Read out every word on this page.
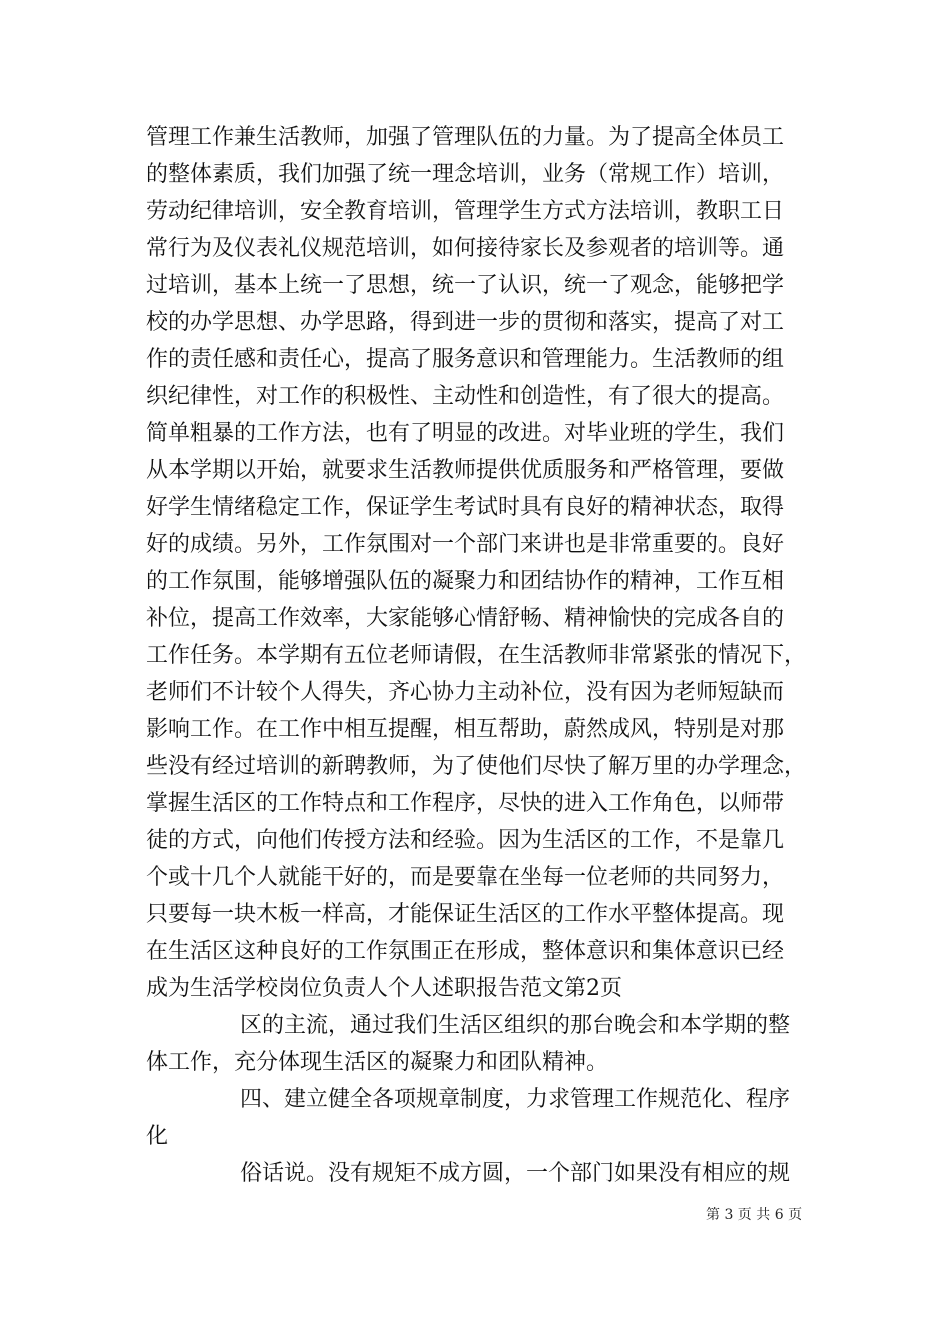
管理工作兼生活教师，加强了管理队伍的力量。为了提高全体员工
的整体素质，我们加强了统一理念培训，业务（常规工作）培训，
劳动纪律培训，安全教育培训，管理学生方式方法培训，教职工日
常行为及仪表礼仪规范培训，如何接待家长及参观者的培训等。通
过培训，基本上统一了思想，统一了认识，统一了观念，能够把学
校的办学思想、办学思路，得到进一步的贯彻和落实，提高了对工
作的责任感和责任心，提高了服务意识和管理能力。生活教师的组
织纪律性，对工作的积极性、主动性和创造性，有了很大的提高。
简单粗暴的工作方法，也有了明显的改进。对毕业班的学生，我们
从本学期以开始，就要求生活教师提供优质服务和严格管理，要做
好学生情绪稳定工作，保证学生考试时具有良好的精神状态，取得
好的成绩。另外，工作氛围对一个部门来讲也是非常重要的。良好
的工作氛围，能够增强队伍的凝聚力和团结协作的精神，工作互相
补位，提高工作效率，大家能够心情舒畅、精神愉快的完成各自的
工作任务。本学期有五位老师请假，在生活教师非常紧张的情况下，
老师们不计较个人得失，齐心协力主动补位，没有因为老师短缺而
影响工作。在工作中相互提醒，相互帮助，蔚然成风，特别是对那
些没有经过培训的新聘教师，为了使他们尽快了解万里的办学理念，
掌握生活区的工作特点和工作程序，尽快的进入工作角色，以师带
徒的方式，向他们传授方法和经验。因为生活区的工作，不是靠几
个或十几个人就能干好的，而是要靠在坐每一位老师的共同努力，
只要每一块木板一样高，才能保证生活区的工作水平整体提高。现
在生活区这种良好的工作氛围正在形成，整体意识和集体意识已经
成为生活学校岗位负责人个人述职报告范文第2页
区的主流，通过我们生活区组织的那台晚会和本学期的整
体工作，充分体现生活区的凝聚力和团队精神。
四、建立健全各项规章制度，力求管理工作规范化、程序
化
俗话说。没有规矩不成方圆，一个部门如果没有相应的规
第 3 页 共 6 页
